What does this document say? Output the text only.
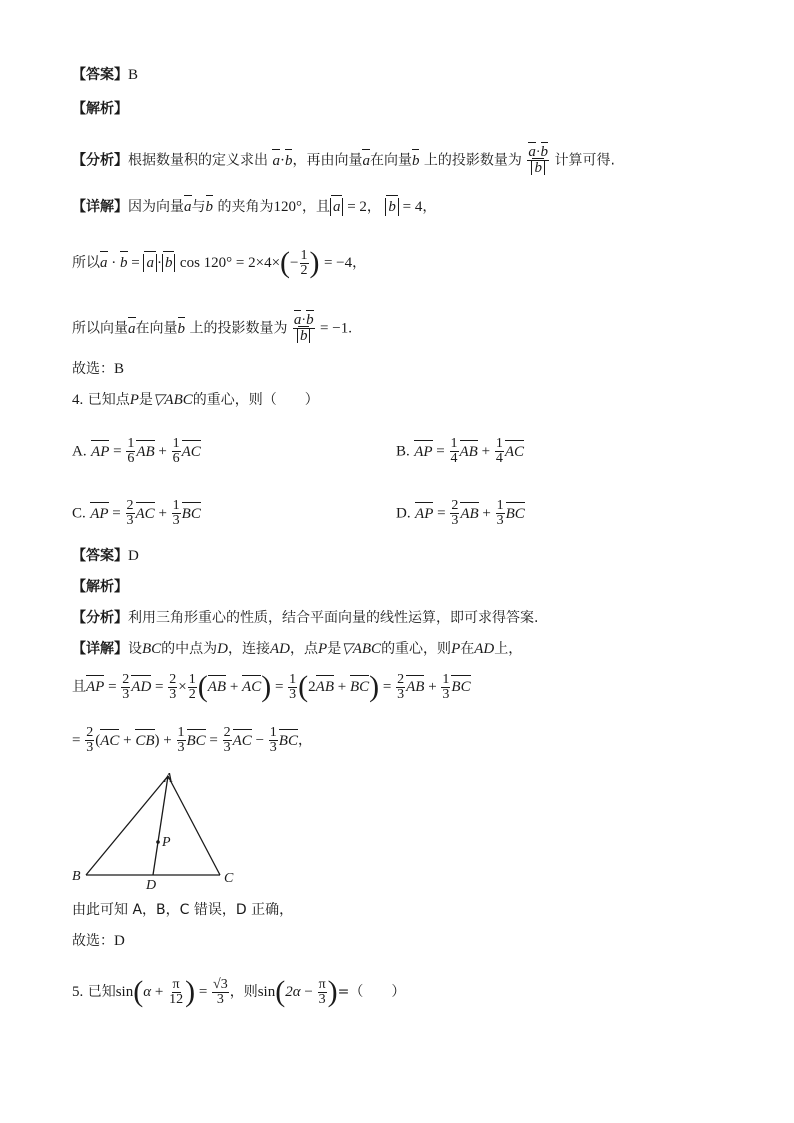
【答案】B
【解析】
【分析】根据数量积的定义求出 a·b，再由向量a在向量b 上的投影数量为 $\frac{a\cdot b}{b}$ 计算可得.
【详解】因为向量a与b 的夹角为120°，且 a = 2， b = 4，
所以a · b = a · b $\cos 120^\circ = 2\times 4\times(- \frac{1}{2}$ ) = −4，
所以向量a在向量b 上的投影数量为 $\frac{a\cdot b}{b} = -1$.
故选：B
4. 已知点P是▽ABC的重心，则（　　）
A. AP = $\frac{1}{6}$ AB + $\frac{1}{6}$ AC	B. AP = $\frac{1}{4}$ AB + $\frac{1}{4}$ AC
C. AP = $\frac{2}{3}$ AC + $\frac{1}{3}$ BC	D. AP = $\frac{2}{3}$ AB + $\frac{1}{3}$ BC
【答案】D
【解析】
【分析】利用三角形重心的性质，结合平面向量的线性运算，即可求得答案.
【详解】设BC的中点为D，连接AD，点P是▽ABC的重心，则P在AD上，
且AP = $\frac{2}{3}$ AD = $\frac{2}{3} \times \frac{1}{2} (AB + AC) = \frac{1}{3} (2AB + BC) = \frac{2}{3}$ AB + $\frac{1}{3}$ BC
= $\frac{2}{3} (AC + CB) + \frac{1}{3}$ BC = $\frac{2}{3}$ AC − $\frac{1}{3}$ BC，
A
B	C
D
P
由此可知 A，B，C 错误，D 正确，
故选：D
5. 已知$\sin(\alpha + \frac{\pi}{12}$ ) = $\frac{√3}{3}$ ，则$\sin(2\alpha - \frac{\pi}{3}$ )=（　　）
